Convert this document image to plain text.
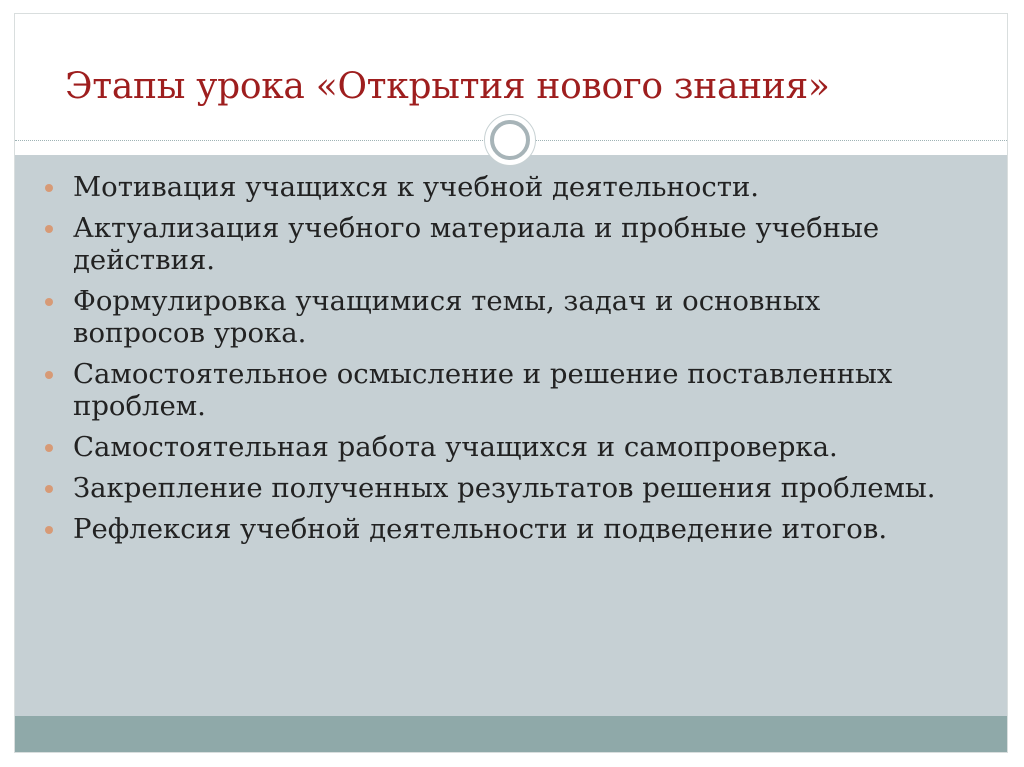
Этапы урока «Открытия нового знания»
Мотивация учащихся к учебной деятельности.
Актуализация учебного материала и пробные учебные действия.
Формулировка учащимися темы, задач и основных вопросов урока.
Самостоятельное осмысление и решение поставленных проблем.
Самостоятельная работа учащихся и самопроверка.
Закрепление полученных результатов решения проблемы.
Рефлексия учебной деятельности и подведение итогов.
